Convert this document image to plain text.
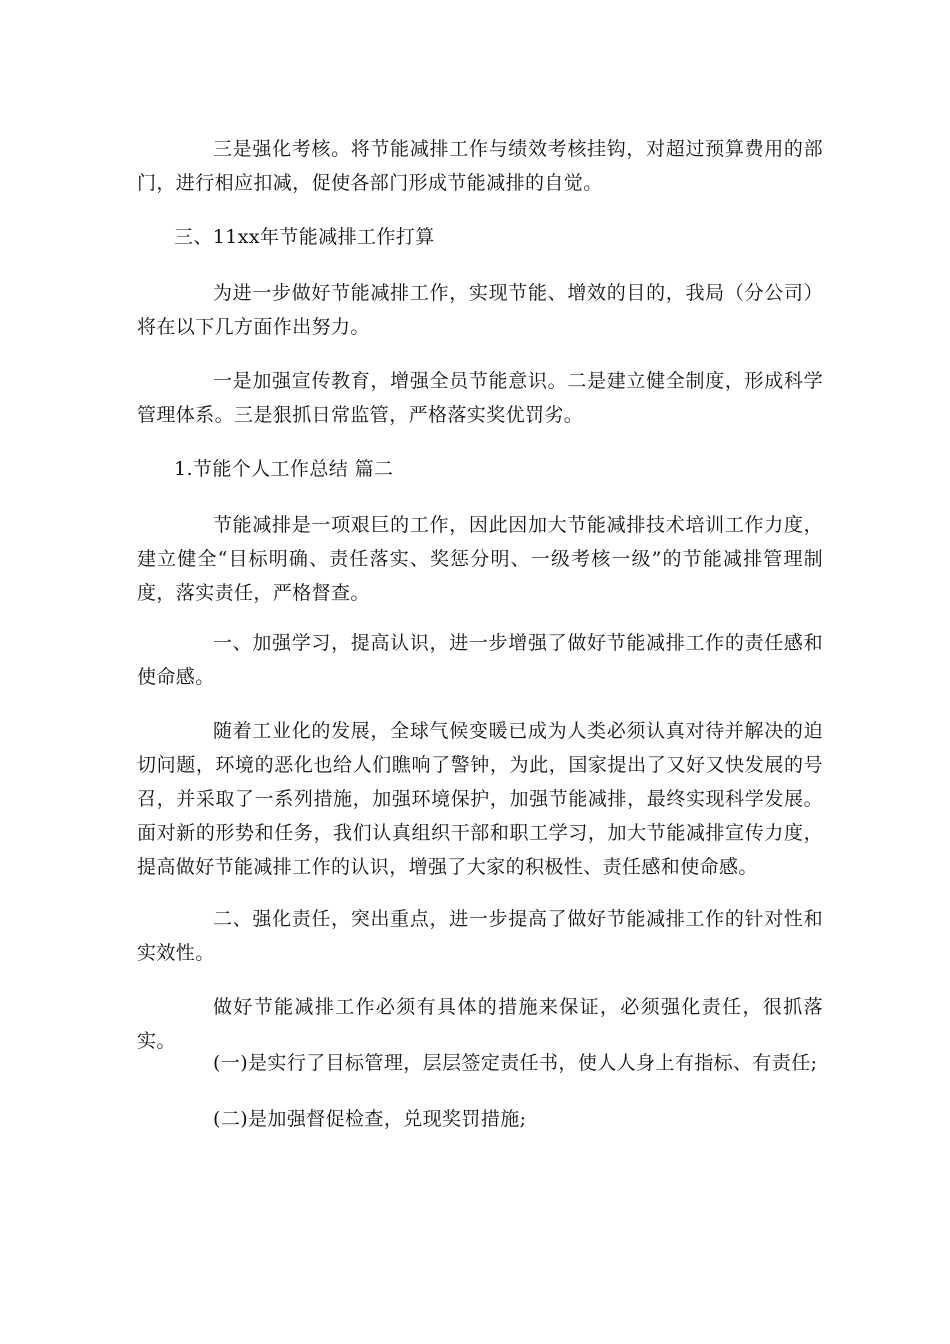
三是强化考核。将节能减排工作与绩效考核挂钩，对超过预算费用的部门，进行相应扣减，促使各部门形成节能减排的自觉。

三、11xx年节能减排工作打算

为进一步做好节能减排工作，实现节能、增效的目的，我局（分公司）将在以下几方面作出努力。

一是加强宣传教育，增强全员节能意识。二是建立健全制度，形成科学管理体系。三是狠抓日常监管，严格落实奖优罚劣。

1.节能个人工作总结 篇二

节能减排是一项艰巨的工作，因此因加大节能减排技术培训工作力度，建立健全“目标明确、责任落实、奖惩分明、一级考核一级”的节能减排管理制度，落实责任，严格督查。

一、加强学习，提高认识，进一步增强了做好节能减排工作的责任感和使命感。

随着工业化的发展，全球气候变暖已成为人类必须认真对待并解决的迫切问题，环境的恶化也给人们瞧响了警钟，为此，国家提出了又好又快发展的号召，并采取了一系列措施，加强环境保护，加强节能减排，最终实现科学发展。面对新的形势和任务，我们认真组织干部和职工学习，加大节能减排宣传力度，提高做好节能减排工作的认识，增强了大家的积极性、责任感和使命感。

二、强化责任，突出重点，进一步提高了做好节能减排工作的针对性和实效性。

做好节能减排工作必须有具体的措施来保证，必须强化责任，很抓落实。

(一)是实行了目标管理，层层签定责任书，使人人身上有指标、有责任;

(二)是加强督促检查，兑现奖罚措施;
